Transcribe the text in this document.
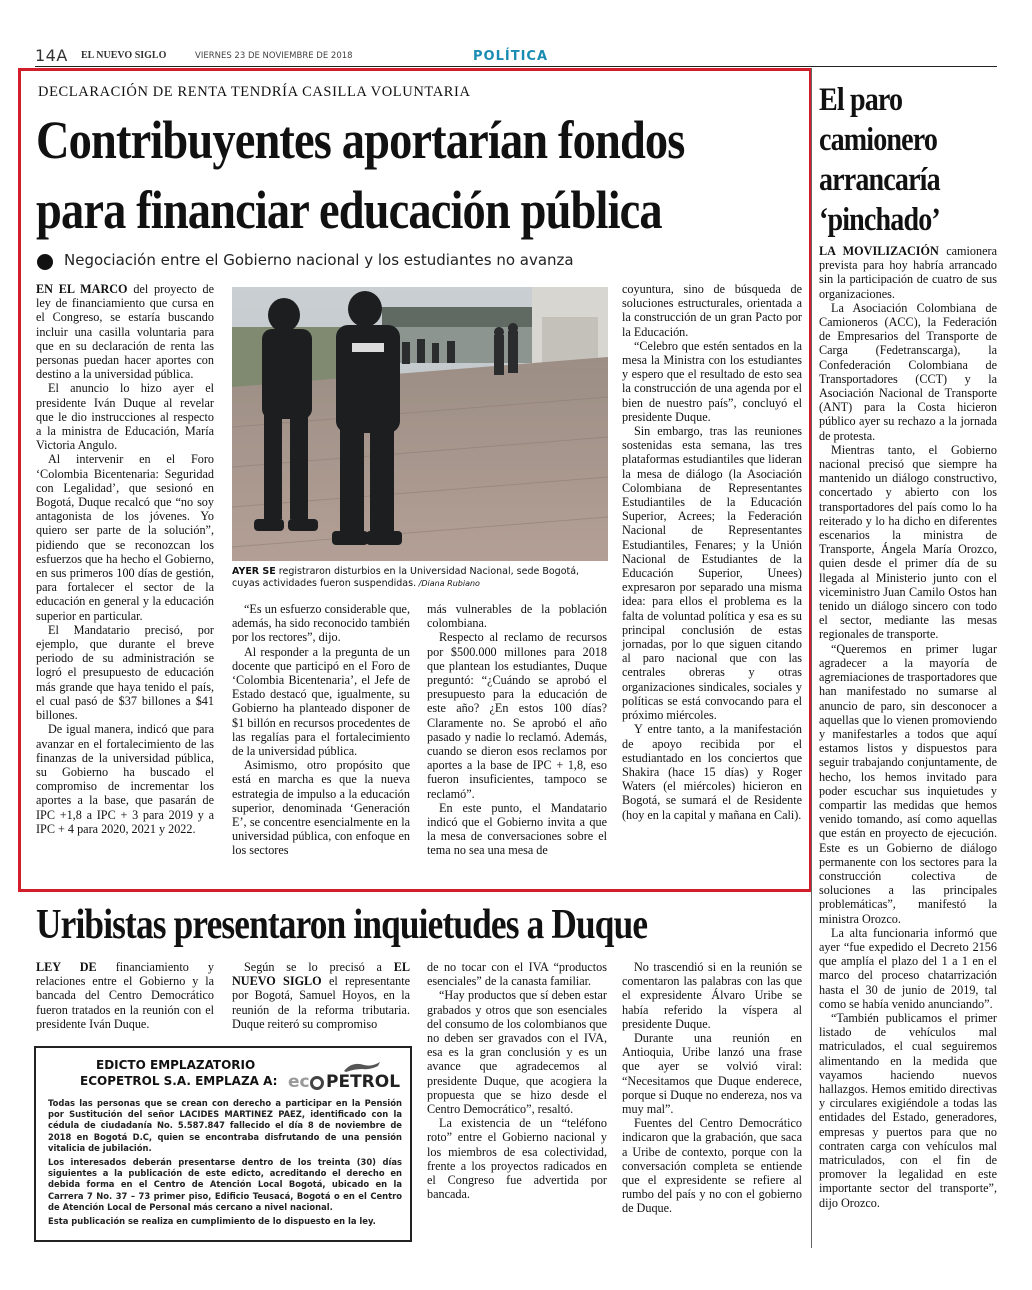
14A EL NUEVO SIGLO	VIERNES 23 DE NOVIEMBRE DE 2018	POLÍTICA
DECLARACIÓN DE RENTA TENDRÍA CASILLA VOLUNTARIA
Contribuyentes aportarían fondos
para financiar educación pública
Negociación entre el Gobierno nacional y los estudiantes no avanza

EN EL MARCO del proyecto de ley de financiamiento que cursa en el Congreso, se estaría buscando incluir una casilla voluntaria para que en su declaración de renta las personas puedan hacer aportes con destino a la universidad pública.

El anuncio lo hizo ayer el presidente Iván Duque al revelar que le dio instrucciones al respecto a la ministra de Educación, María Victoria Angulo.

Al intervenir en el Foro ‘Colombia Bicentenaria: Seguridad con Legalidad’, que sesionó en Bogotá, Duque recalcó que “no soy antagonista de los jóvenes. Yo quiero ser parte de la solución”, pidiendo que se reconozcan los esfuerzos que ha hecho el Gobierno, en sus primeros 100 días de gestión, para fortalecer el sector de la educación en general y la educación superior en particular.

El Mandatario precisó, por ejemplo, que durante el breve periodo de su administración se logró el presupuesto de educación más grande que haya tenido el país, el cual pasó de $37 billones a $41 billones.

De igual manera, indicó que para avanzar en el fortalecimiento de las finanzas de la universidad pública, su Gobierno ha buscado el compromiso de incrementar los aportes a la base, que pasarán de IPC +1,8 a IPC + 3 para 2019 y a IPC + 4 para 2020, 2021 y 2022.

AYER SE registraron disturbios en la Universidad Nacional, sede Bogotá, cuyas actividades fueron suspendidas. /Diana Rubiano

“Es un esfuerzo considerable que, además, ha sido reconocido también por los rectores”, dijo.

Al responder a la pregunta de un docente que participó en el Foro de ‘Colombia Bicentenaria’, el Jefe de Estado destacó que, igualmente, su Gobierno ha planteado disponer de $1 billón en recursos procedentes de las regalías para el fortalecimiento de la universidad pública.

Asimismo, otro propósito que está en marcha es que la nueva estrategia de impulso a la educación superior, denominada ‘Generación E’, se concentre esencialmente en la universidad pública, con enfoque en los sectores

más vulnerables de la población colombiana.

Respecto al reclamo de recursos por $500.000 millones para 2018 que plantean los estudiantes, Duque preguntó: “¿Cuándo se aprobó el presupuesto para la educación de este año? ¿En estos 100 días? Claramente no. Se aprobó el año pasado y nadie lo reclamó. Además, cuando se dieron esos reclamos por aportes a la base de IPC + 1,8, eso fueron insuficientes, tampoco se reclamó”.

En este punto, el Mandatario indicó que el Gobierno invita a que la mesa de conversaciones sobre el tema no sea una mesa de

coyuntura, sino de búsqueda de soluciones estructurales, orientada a la construcción de un gran Pacto por la Educación.

“Celebro que estén sentados en la mesa la Ministra con los estudiantes y espero que el resultado de esto sea la construcción de una agenda por el bien de nuestro país”, concluyó el presidente Duque.

Sin embargo, tras las reuniones sostenidas esta semana, las tres plataformas estudiantiles que lideran la mesa de diálogo (la Asociación Colombiana de Representantes Estudiantiles de la Educación Superior, Acrees; la Federación Nacional de Representantes Estudiantiles, Fenares; y la Unión Nacional de Estudiantes de la Educación Superior, Unees) expresaron por separado una misma idea: para ellos el problema es la falta de voluntad política y esa es su principal conclusión de estas jornadas, por lo que siguen citando al paro nacional que con las centrales obreras y otras organizaciones sindicales, sociales y políticas se está convocando para el próximo miércoles.

Y entre tanto, a la manifestación de apoyo recibida por el estudiantado en los conciertos que Shakira (hace 15 días) y Roger Waters (el miércoles) hicieron en Bogotá, se sumará el de Residente (hoy en la capital y mañana en Cali).

El paro
camionero
arrancaría
‘pinchado’

LA MOVILIZACIÓN camionera prevista para hoy habría arrancado sin la participación de cuatro de sus organizaciones.

La Asociación Colombiana de Camioneros (ACC), la Federación de Empresarios del Transporte de Carga (Fedetranscarga), la Confederación Colombiana de Transportadores (CCT) y la Asociación Nacional de Transporte (ANT) para la Costa hicieron público ayer su rechazo a la jornada de protesta.

Mientras tanto, el Gobierno nacional precisó que siempre ha mantenido un diálogo constructivo, concertado y abierto con los transportadores del país como lo ha reiterado y lo ha dicho en diferentes escenarios la ministra de Transporte, Ángela María Orozco, quien desde el primer día de su llegada al Ministerio junto con el viceministro Juan Camilo Ostos han tenido un diálogo sincero con todo el sector, mediante las mesas regionales de transporte.

“Queremos en primer lugar agradecer a la mayoría de agremiaciones de trasportadores que han manifestado no sumarse al anuncio de paro, sin desconocer a aquellas que lo vienen promoviendo y manifestarles a todos que aquí estamos listos y dispuestos para seguir trabajando conjuntamente, de hecho, los hemos invitado para poder escuchar sus inquietudes y compartir las medidas que hemos venido tomando, así como aquellas que están en proyecto de ejecución. Este es un Gobierno de diálogo permanente con los sectores para la construcción colectiva de soluciones a las principales problemáticas”, manifestó la ministra Orozco.

La alta funcionaria informó que ayer “fue expedido el Decreto 2156 que amplía el plazo del 1 a 1 en el marco del proceso chatarrización hasta el 30 de junio de 2019, tal como se había venido anunciando”.

“También publicamos el primer listado de vehículos mal matriculados, el cual seguiremos alimentando en la medida que vayamos haciendo nuevos hallazgos. Hemos emitido directivas y circulares exigiéndole a todas las entidades del Estado, generadores, empresas y puertos para que no contraten carga con vehículos mal matriculados, con el fin de promover la legalidad en este importante sector del transporte”, dijo Orozco.

Uribistas presentaron inquietudes a Duque

LEY DE financiamiento y relaciones entre el Gobierno y la bancada del Centro Democrático fueron tratados en la reunión con el presidente Iván Duque.

Según se lo precisó a EL NUEVO SIGLO el representante por Bogotá, Samuel Hoyos, en la reunión de la reforma tributaria. Duque reiteró su compromiso

de no tocar con el IVA “productos esenciales” de la canasta familiar.

“Hay productos que sí deben estar grabados y otros que son esenciales del consumo de los colombianos que no deben ser gravados con el IVA, esa es la gran conclusión y es un avance que agradecemos al presidente Duque, que acogiera la propuesta que se hizo desde el Centro Democrático”, resaltó.

La existencia de un “teléfono roto” entre el Gobierno nacional y los miembros de esa colectividad, frente a los proyectos radicados en el Congreso fue advertida por bancada.

No trascendió si en la reunión se comentaron las palabras con las que el expresidente Álvaro Uribe se había referido la víspera al presidente Duque.

Durante una reunión en Antioquia, Uribe lanzó una frase que ayer se volvió viral: “Necesitamos que Duque enderece, porque si Duque no endereza, nos va muy mal”.

Fuentes del Centro Democrático indicaron que la grabación, que saca a Uribe de contexto, porque con la conversación completa se entiende que el expresidente se refiere al rumbo del país y no con el gobierno de Duque.

EDICTO EMPLAZATORIO
ECOPETROL S.A. EMPLAZA A: ec PETROL

Todas las personas que se crean con derecho a participar en la Pensión por Sustitución del señor LACIDES MARTINEZ PAEZ, identificado con la cédula de ciudadanía No. 5.587.847 fallecido el día 8 de noviembre de 2018 en Bogotá D.C, quien se encontraba disfrutando de una pensión vitalicia de jubilación.

Los interesados deberán presentarse dentro de los treinta (30) días siguientes a la publicación de este edicto, acreditando el derecho en debida forma en el Centro de Atención Local Bogotá, ubicado en la Carrera 7 No. 37 – 73 primer piso, Edificio Teusacá, Bogotá o en el Centro de Atención Local de Personal más cercano a nivel nacional.

Esta publicación se realiza en cumplimiento de lo dispuesto en la ley.
